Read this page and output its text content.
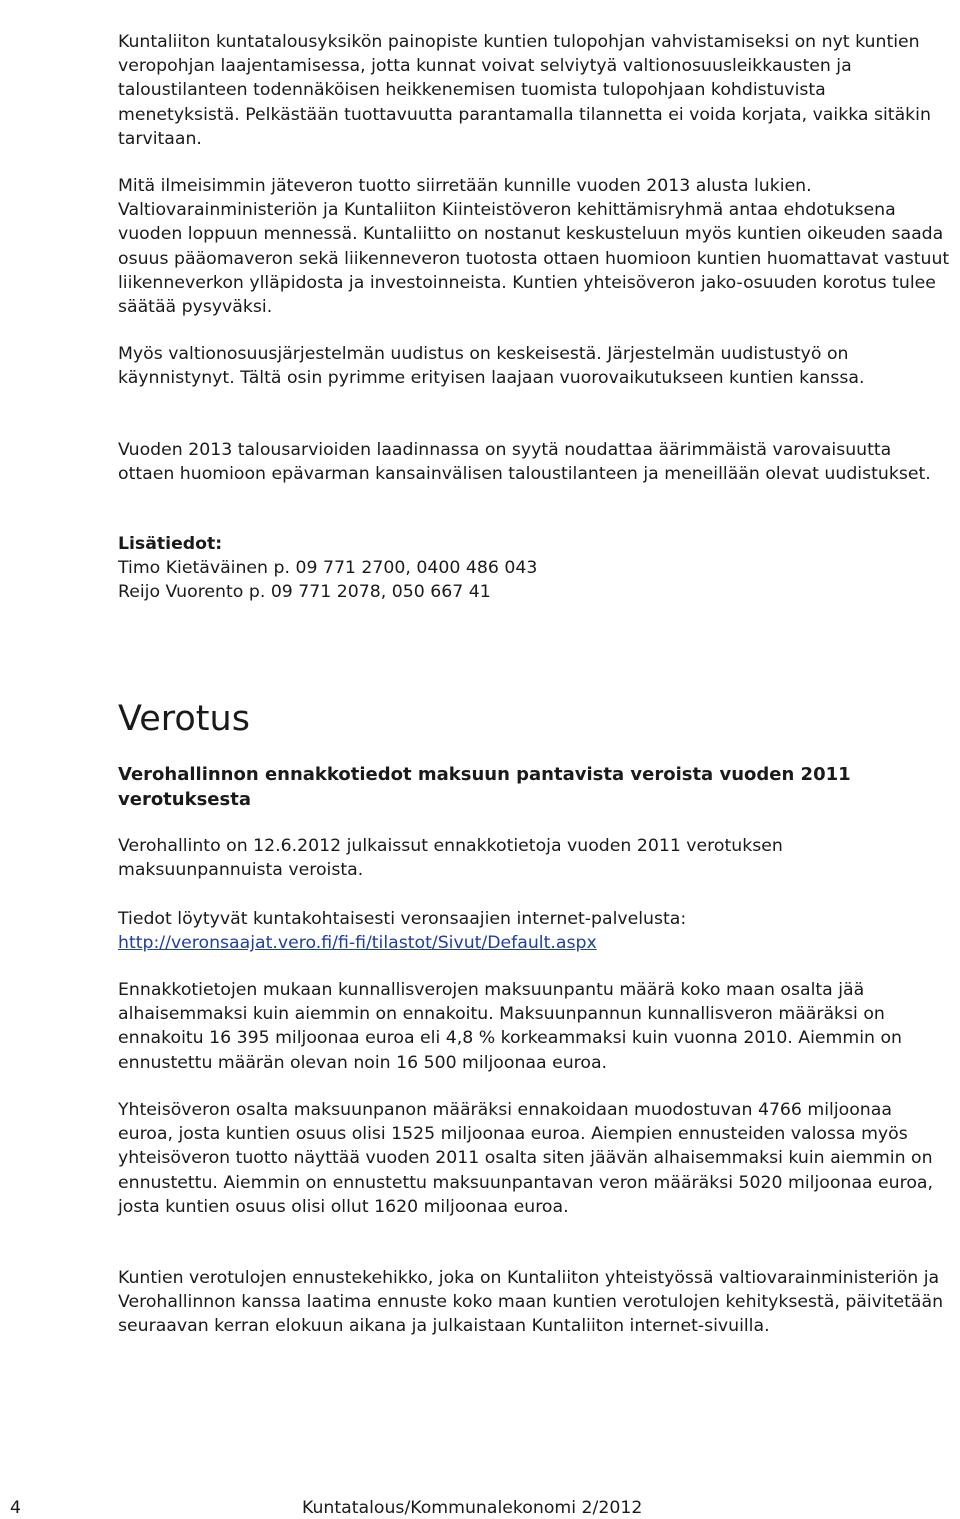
Kuntaliiton kuntatalousyksikön painopiste kuntien tulopohjan vahvistamiseksi on nyt kuntien veropohjan laajentamisessa, jotta kunnat voivat selviytyä valtionosuusleikkausten ja taloustilanteen todennäköisen heikkenemisen tuomista tulopohjaan kohdistuvista menetyksistä. Pelkästään tuottavuutta parantamalla tilannetta ei voida korjata, vaikka sitäkin tarvitaan.

Mitä ilmeisimmin jäteveron tuotto siirretään kunnille vuoden 2013 alusta lukien. Valtiovarainministeriön ja Kuntaliiton Kiinteistöveron kehittämisryhmä antaa ehdotuksena vuoden loppuun mennessä. Kuntaliitto on nostanut keskusteluun myös kuntien oikeuden saada osuus pääomaveron sekä liikenneveron tuotosta ottaen huomioon kuntien huomattavat vastuut liikenneverkon ylläpidosta ja investoinneista. Kuntien yhteisöveron jako-osuuden korotus tulee säätää pysyväksi.

Myös valtionosuusjärjestelmän uudistus on keskeisestä. Järjestelmän uudistustyö on käynnistynyt. Tältä osin pyrimme erityisen laajaan vuorovaikutukseen kuntien kanssa.

Vuoden 2013 talousarvioiden laadinnassa on syytä noudattaa äärimmäistä varovaisuutta ottaen huomioon epävarman kansainvälisen taloustilanteen ja meneillään olevat uudistukset.

Lisätiedot:

Timo Kietäväinen p. 09 771 2700, 0400 486 043

Reijo Vuorento p. 09 771 2078, 050 667 41

Verotus
Verohallinnon ennakkotiedot maksuun pantavista veroista vuoden 2011 verotuksesta

Verohallinto on 12.6.2012 julkaissut ennakkotietoja vuoden 2011 verotuksen maksuunpannuista veroista.

Tiedot löytyvät kuntakohtaisesti veronsaajien internet-palvelusta:

http://veronsaajat.vero.fi/fi-fi/tilastot/Sivut/Default.aspx

Ennakkotietojen mukaan kunnallisverojen maksuunpantu määrä koko maan osalta jää alhaisemmaksi kuin aiemmin on ennakoitu. Maksuunpannun kunnallisveron määräksi on ennakoitu 16 395 miljoonaa euroa eli 4,8 % korkeammaksi kuin vuonna 2010. Aiemmin on ennustettu määrän olevan noin 16 500 miljoonaa euroa.

Yhteisöveron osalta maksuunpanon määräksi ennakoidaan muodostuvan 4766 miljoonaa euroa, josta kuntien osuus olisi 1525 miljoonaa euroa. Aiempien ennusteiden valossa myös yhteisöveron tuotto näyttää vuoden 2011 osalta siten jäävän alhaisemmaksi kuin aiemmin on ennustettu. Aiemmin on ennustettu maksuunpantavan veron määräksi 5020 miljoonaa euroa, josta kuntien osuus olisi ollut 1620 miljoonaa euroa.

Kuntien verotulojen ennustekehikko, joka on Kuntaliiton yhteistyössä valtiovarainministeriön ja Verohallinnon kanssa laatima ennuste koko maan kuntien verotulojen kehityksestä, päivitetään seuraavan kerran elokuun aikana ja julkaistaan Kuntaliiton internet-sivuilla.

4	Kuntatalous/Kommunalekonomi 2/2012
